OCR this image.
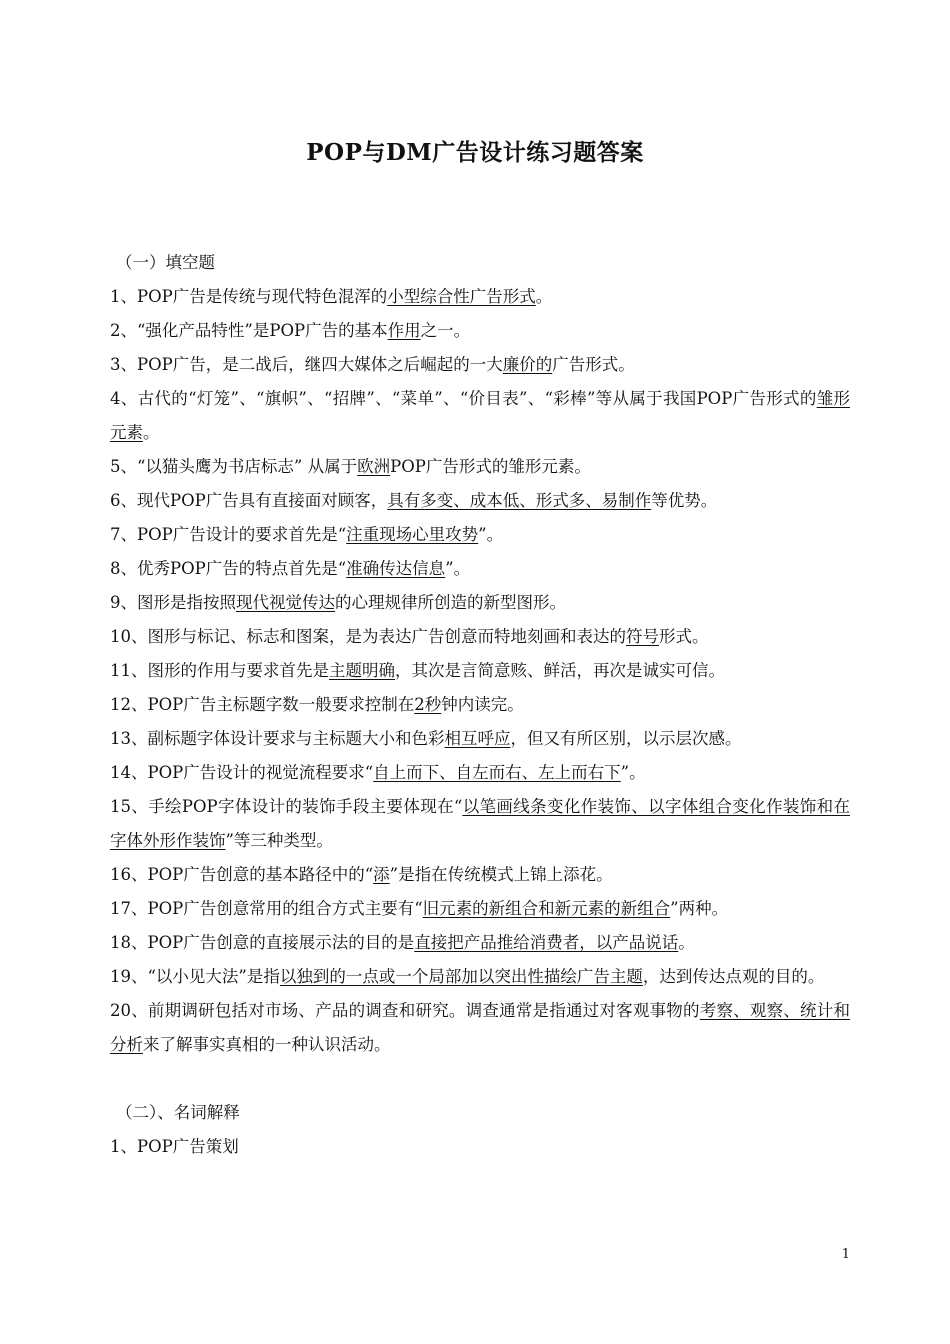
POP与DM广告设计练习题答案
（一）填空题

1、POP广告是传统与现代特色混浑的小型综合性广告形式。

2、“强化产品特性”是POP广告的基本作用之一。

3、POP广告，是二战后，继四大媒体之后崛起的一大廉价的广告形式。

4、古代的“灯笼”、“旗帜”、“招牌”、“菜单”、“价目表”、“彩棒”等从属于我国POP广告形式的雏形元素。

5、“以猫头鹰为书店标志” 从属于欧洲POP广告形式的雏形元素。

6、现代POP广告具有直接面对顾客，具有多变、成本低、形式多、易制作等优势。

7、POP广告设计的要求首先是“注重现场心里攻势”。

8、优秀POP广告的特点首先是“准确传达信息”。

9、图形是指按照现代视觉传达的心理规律所创造的新型图形。

10、图形与标记、标志和图案，是为表达广告创意而特地刻画和表达的符号形式。

11、图形的作用与要求首先是主题明确，其次是言简意赅、鲜活，再次是诚实可信。

12、POP广告主标题字数一般要求控制在2秒钟内读完。

13、副标题字体设计要求与主标题大小和色彩相互呼应，但又有所区别，以示层次感。

14、POP广告设计的视觉流程要求“自上而下、自左而右、左上而右下”。

15、手绘POP字体设计的装饰手段主要体现在“以笔画线条变化作装饰、以字体组合变化作装饰和在字体外形作装饰”等三种类型。

16、POP广告创意的基本路径中的“添”是指在传统模式上锦上添花。

17、POP广告创意常用的组合方式主要有“旧元素的新组合和新元素的新组合”两种。

18、POP广告创意的直接展示法的目的是直接把产品推给消费者，以产品说话。

19、“以小见大法”是指以独到的一点或一个局部加以突出性描绘广告主题，达到传达点观的目的。

20、前期调研包括对市场、产品的调查和研究。调查通常是指通过对客观事物的考察、观察、统计和分析来了解事实真相的一种认识活动。

（二）、名词解释

1、POP广告策划

1
